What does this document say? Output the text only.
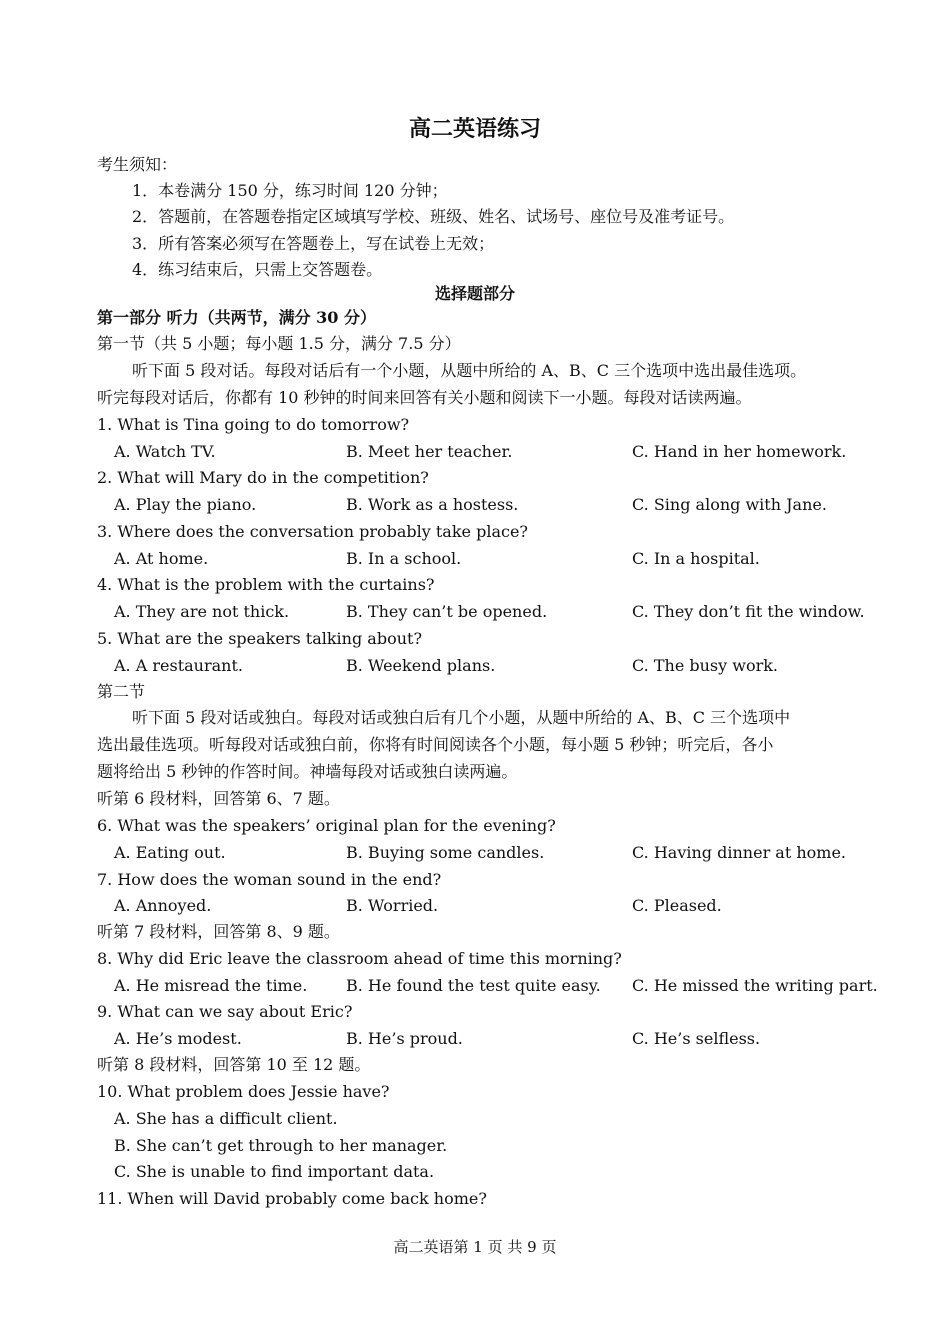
高二英语练习
考生须知：
1．本卷满分 150 分，练习时间 120 分钟；
2．答题前，在答题卷指定区域填写学校、班级、姓名、试场号、座位号及准考证号。
3．所有答案必须写在答题卷上，写在试卷上无效；
4．练习结束后，只需上交答题卷。
选择题部分
第一部分 听力（共两节，满分 30 分）
第一节（共 5 小题；每小题 1.5 分，满分 7.5 分）
听下面 5 段对话。每段对话后有一个小题，从题中所给的 A、B、C 三个选项中选出最佳选项。
听完每段对话后，你都有 10 秒钟的时间来回答有关小题和阅读下一小题。每段对话读两遍。
1. What is Tina going to do tomorrow?
A. Watch TV.	B. Meet her teacher.	C. Hand in her homework.
2. What will Mary do in the competition?
A. Play the piano.	B. Work as a hostess.	C. Sing along with Jane.
3. Where does the conversation probably take place?
A. At home.	B. In a school.	C. In a hospital.
4. What is the problem with the curtains?
A. They are not thick.	B. They can’t be opened.	C. They don’t fit the window.
5. What are the speakers talking about?
A. A restaurant.	B. Weekend plans.	C. The busy work.
第二节
听下面 5 段对话或独白。每段对话或独白后有几个小题，从题中所给的 A、B、C 三个选项中
选出最佳选项。听每段对话或独白前，你将有时间阅读各个小题，每小题 5 秒钟；听完后，各小
题将给出 5 秒钟的作答时间。神墙每段对话或独白读两遍。
听第 6 段材料，回答第 6、7 题。
6. What was the speakers’ original plan for the evening?
A. Eating out.	B. Buying some candles.	C. Having dinner at home.
7. How does the woman sound in the end?
A. Annoyed.	B. Worried.	C. Pleased.
听第 7 段材料，回答第 8、9 题。
8. Why did Eric leave the classroom ahead of time this morning?
A. He misread the time. B. He found the test quite easy. C. He missed the writing part.
9. What can we say about Eric?
A. He’s modest.	B. He’s proud.	C. He’s selfless.
听第 8 段材料，回答第 10 至 12 题。
10. What problem does Jessie have?
A. She has a difficult client.
B. She can’t get through to her manager.
C. She is unable to find important data.
11. When will David probably come back home?
高二英语第 1 页 共 9 页
